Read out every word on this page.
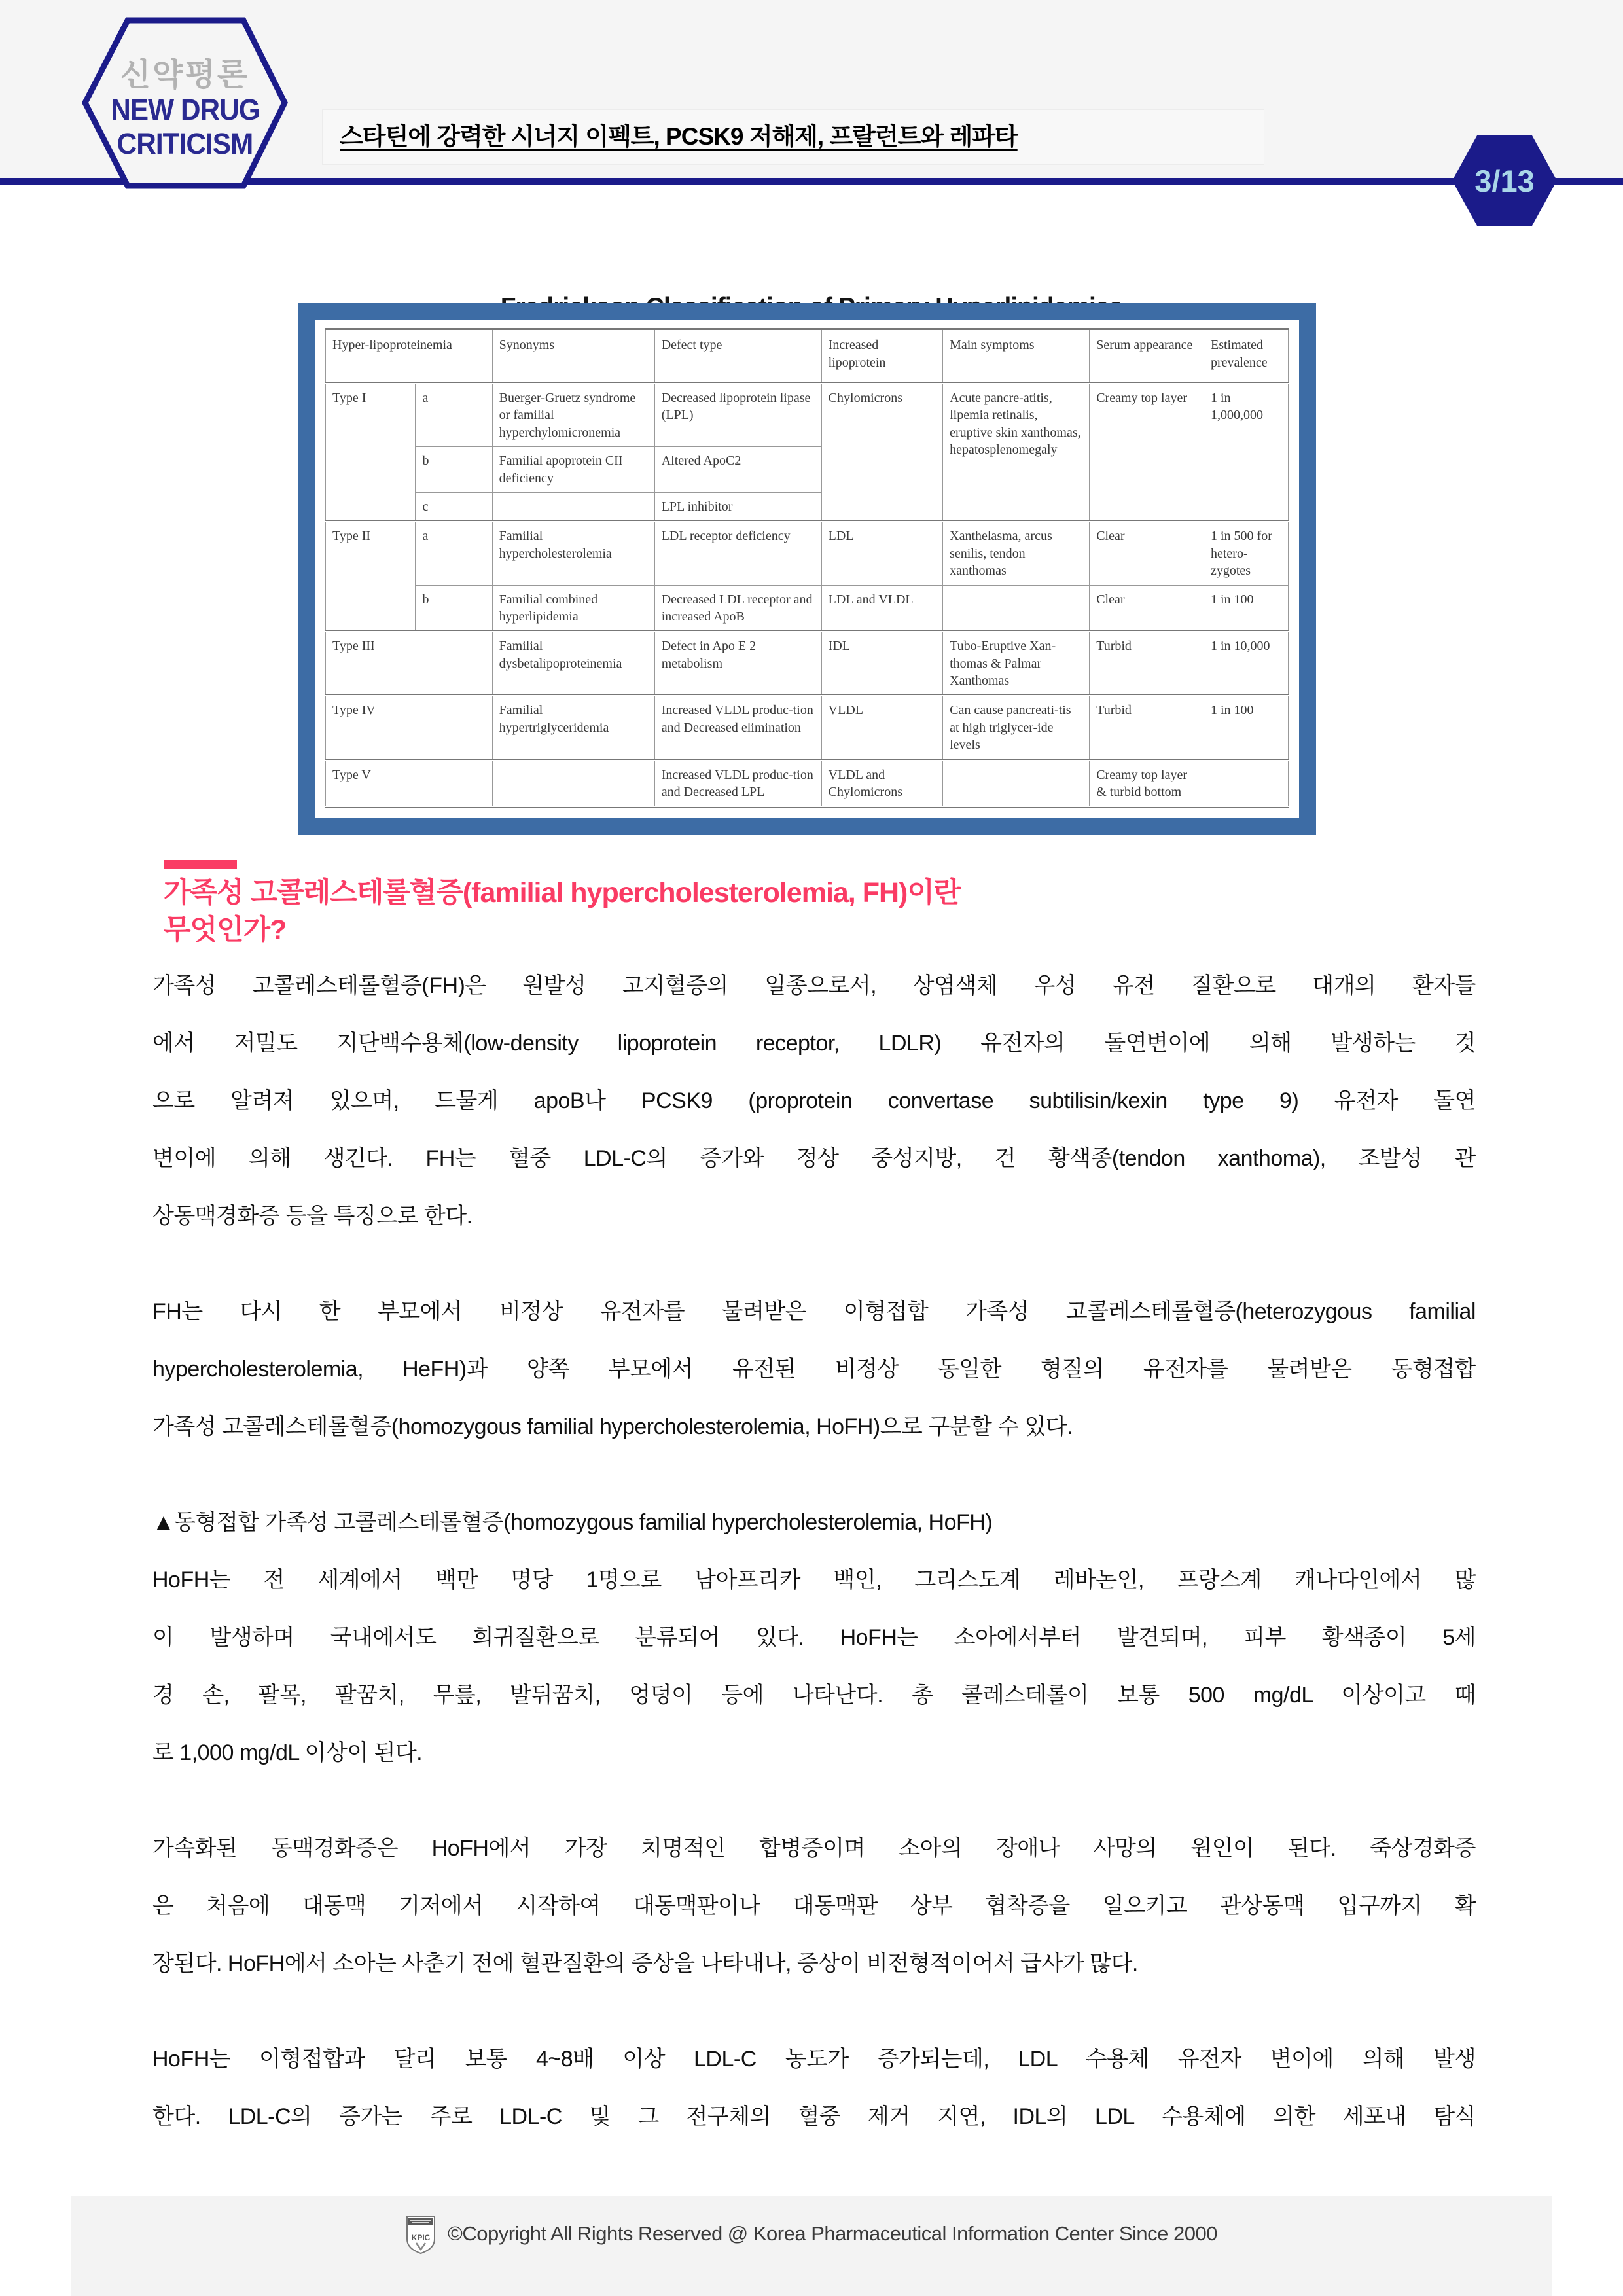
신약평론
NEW DRUG
CRITICISM	스타틴에 강력한 시너지 이펙트, PCSK9 저해제, 프랄런트와 레파타
3/13
Hyper-lipoproteinemia		Synonyms	Defect type	Increased lipoprotein	Main symptoms	Serum appearance	Estimated prevalence
Type I	a	Buerger-Gruetz syndrome or familial hyperchylomicronemia	Decreased lipoprotein lipase (LPL)	Chylomicrons	Acute pancre-atitis, lipemia retinalis, eruptive skin xanthomas, hepatosplenomegaly	Creamy top layer	1 in 1,000,000
	b	Familial apoprotein CII deficiency	Altered ApoC2				
	c		LPL inhibitor				
Type II	a	Familial hypercholesterolemia	LDL receptor deficiency	LDL	Xanthelasma, arcus senilis, tendon xanthomas	Clear	1 in 500 for hetero-zygotes
	b	Familial combined hyperlipidemia	Decreased LDL receptor and increased ApoB	LDL and VLDL		Clear	1 in 100
Type III		Familial dysbetalipoproteinemia	Defect in Apo E 2 metabolism	IDL	Tubo-Eruptive Xan-thomas & Palmar Xanthomas	Turbid	1 in 10,000
Type IV		Familial hypertriglyceridemia	Increased VLDL produc-tion and Decreased elimination	VLDL	Can cause pancreati-tis at high triglycer-ide levels	Turbid	1 in 100
Type V			Increased VLDL produc-tion and Decreased LPL	VLDL and Chylomicrons		Creamy top layer & turbid bottom	
가족성 고콜레스테롤혈증(familial hypercholesterolemia, FH)이란
무엇인가?
가족성 고콜레스테롤혈증(FH)은 원발성 고지혈증의 일종으로서, 상염색체 우성 유전 질환으로 대개의 환자들
에서 저밀도 지단백수용체(low-density lipoprotein receptor, LDLR) 유전자의 돌연변이에 의해 발생하는 것
으로 알려져 있으며, 드물게 apoB나 PCSK9 (proprotein convertase subtilisin/kexin type 9) 유전자 돌연
변이에 의해 생긴다. FH는 혈중 LDL-C의 증가와 정상 중성지방, 건 황색종(tendon xanthoma), 조발성 관
상동맥경화증 등을 특징으로 한다.
FH는 다시 한 부모에서 비정상 유전자를 물려받은 이형접합 가족성 고콜레스테롤혈증(heterozygous familial
hypercholesterolemia, HeFH)과 양쪽 부모에서 유전된 비정상 동일한 형질의 유전자를 물려받은 동형접합
가족성 고콜레스테롤혈증(homozygous familial hypercholesterolemia, HoFH)으로 구분할 수 있다.
▲동형접합 가족성 고콜레스테롤혈증(homozygous familial hypercholesterolemia, HoFH)
HoFH는 전 세계에서 백만 명당 1명으로 남아프리카 백인, 그리스도계 레바논인, 프랑스계 캐나다인에서 많
이 발생하며 국내에서도 희귀질환으로 분류되어 있다. HoFH는 소아에서부터 발견되며, 피부 황색종이 5세
경 손, 팔목, 팔꿈치, 무릎, 발뒤꿈치, 엉덩이 등에 나타난다. 총 콜레스테롤이 보통 500 mg/dL 이상이고 때
로 1,000 mg/dL 이상이 된다.
가속화된 동맥경화증은 HoFH에서 가장 치명적인 합병증이며 소아의 장애나 사망의 원인이 된다. 죽상경화증
은 처음에 대동맥 기저에서 시작하여 대동맥판이나 대동맥판 상부 협착증을 일으키고 관상동맥 입구까지 확
장된다. HoFH에서 소아는 사춘기 전에 혈관질환의 증상을 나타내나, 증상이 비전형적이어서 급사가 많다.
HoFH는 이형접합과 달리 보통 4~8배 이상 LDL-C 농도가 증가되는데, LDL 수용체 유전자 변이에 의해 발생
한다. LDL-C의 증가는 주로 LDL-C 및 그 전구체의 혈중 제거 지연, IDL의 LDL 수용체에 의한 세포내 탐식
KPIC ©Copyright All Rights Reserved @ Korea Pharmaceutical Information Center Since 2000
